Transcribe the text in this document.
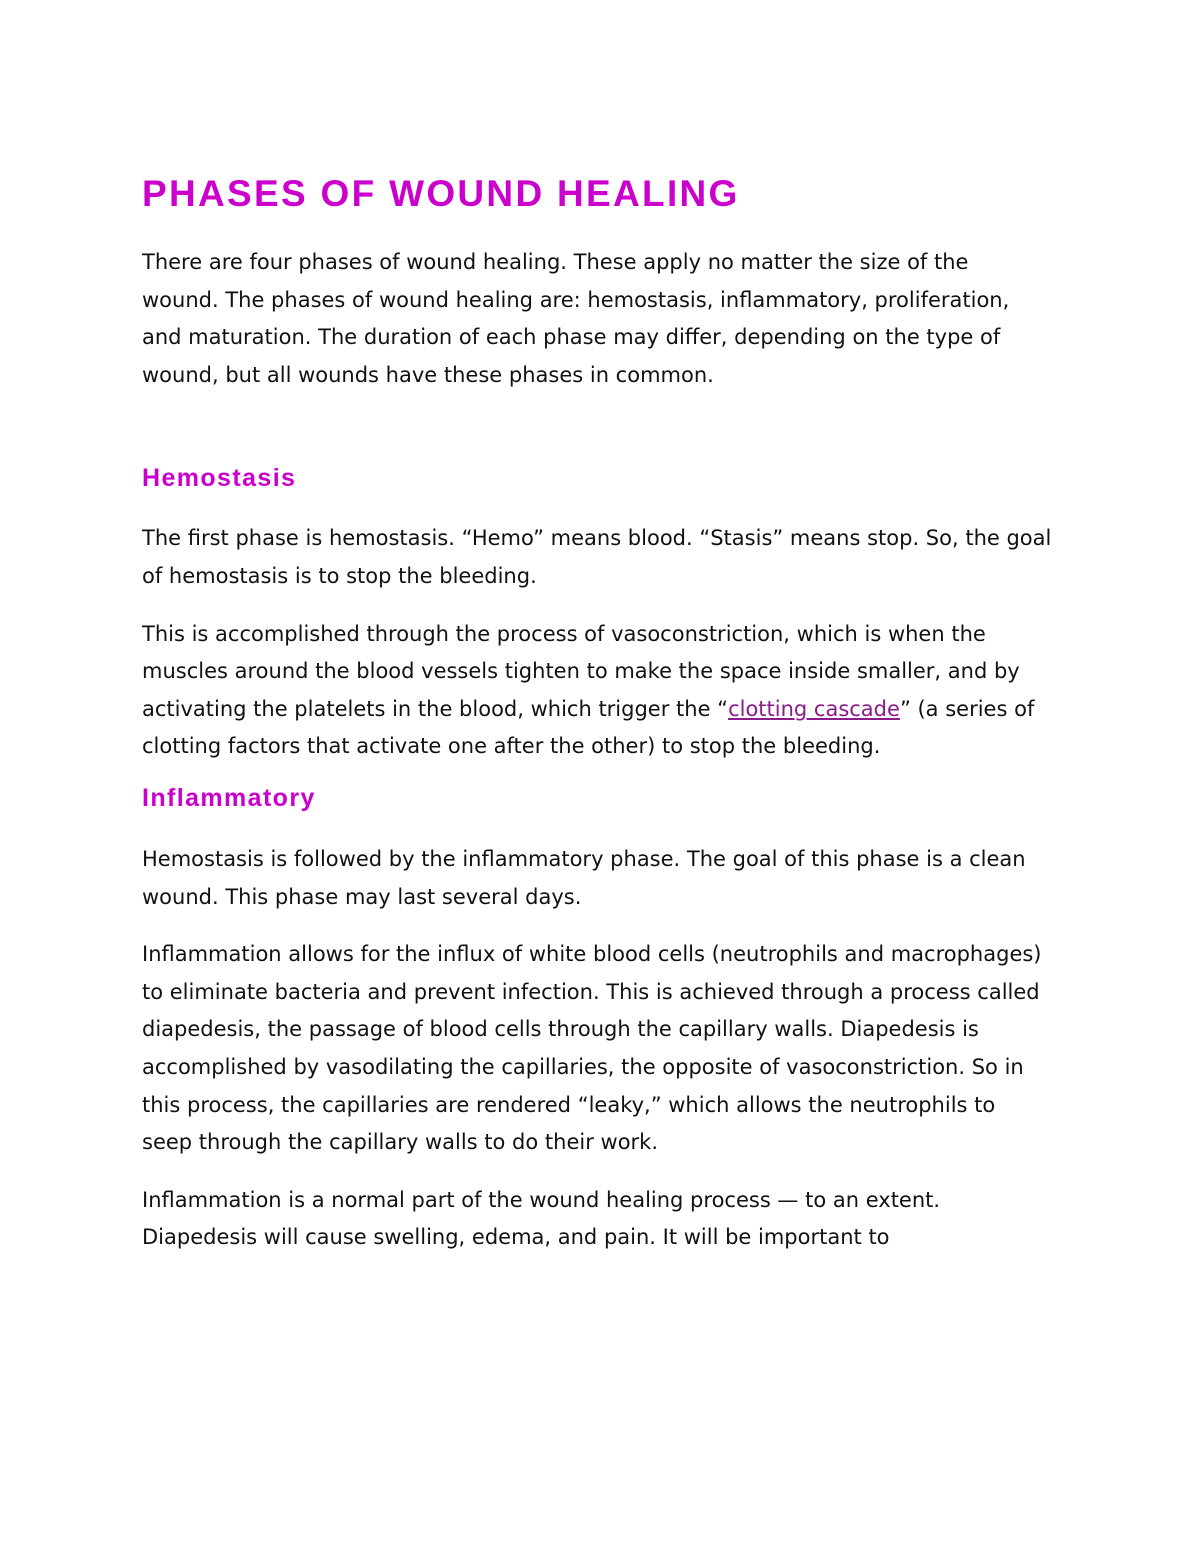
PHASES OF WOUND HEALING

There are four phases of wound healing. These apply no matter the size of the wound. The phases of wound healing are: hemostasis, inflammatory, proliferation, and maturation. The duration of each phase may differ, depending on the type of wound, but all wounds have these phases in common.

Hemostasis

The first phase is hemostasis. “Hemo” means blood. “Stasis” means stop. So, the goal of hemostasis is to stop the bleeding.

This is accomplished through the process of vasoconstriction, which is when the muscles around the blood vessels tighten to make the space inside smaller, and by activating the platelets in the blood, which trigger the “clotting cascade” (a series of clotting factors that activate one after the other) to stop the bleeding.

Inflammatory

Hemostasis is followed by the inflammatory phase. The goal of this phase is a clean wound. This phase may last several days.

Inflammation allows for the influx of white blood cells (neutrophils and macrophages) to eliminate bacteria and prevent infection. This is achieved through a process called diapedesis, the passage of blood cells through the capillary walls. Diapedesis is accomplished by vasodilating the capillaries, the opposite of vasoconstriction. So in this process, the capillaries are rendered “leaky,” which allows the neutrophils to seep through the capillary walls to do their work.

Inflammation is a normal part of the wound healing process — to an extent. Diapedesis will cause swelling, edema, and pain. It will be important to
